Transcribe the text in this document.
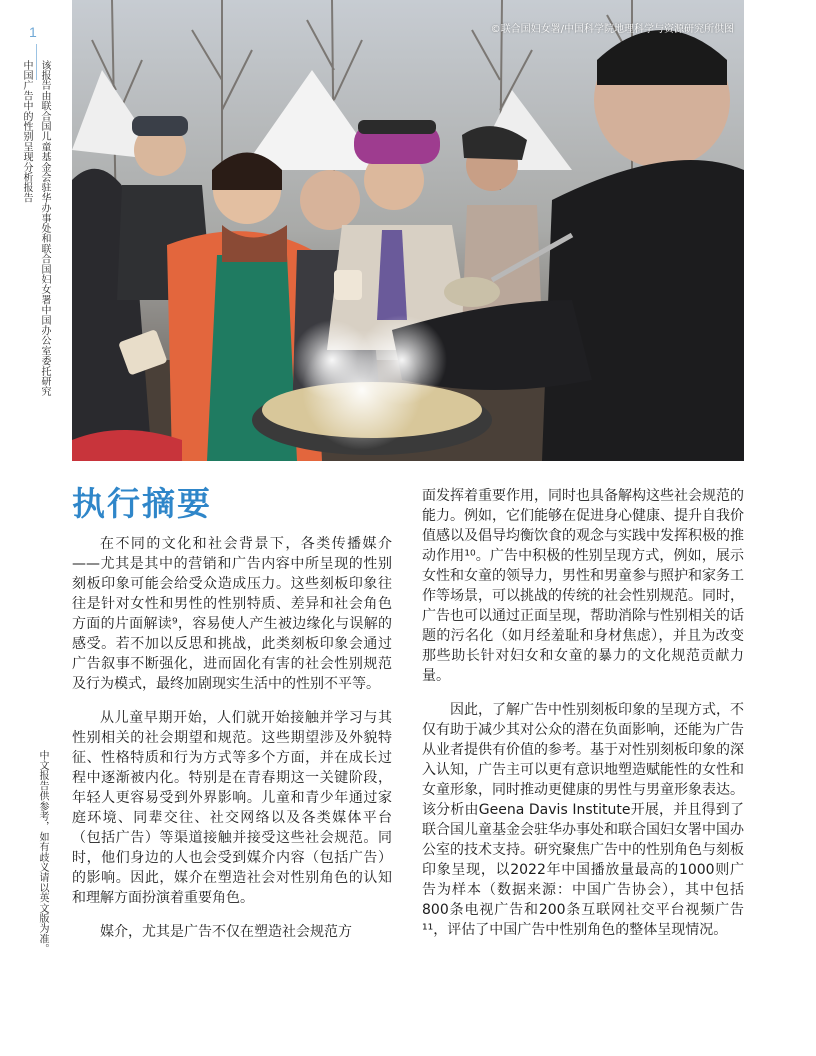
1
中国广告中的性别呈现分析报告 该报告由联合国儿童基金会驻华办事处和联合国妇女署中国办公室委托研究
中文报告供参考，如有歧义请以英文版为准。
©联合国妇女署/中国科学院地理科学与资源研究所供图
执行摘要

在不同的文化和社会背景下，各类传播媒介——尤其是其中的营销和广告内容中所呈现的性别刻板印象可能会给受众造成压力。这些刻板印象往往是针对女性和男性的性别特质、差异和社会角色方面的片面解读⁹，容易使人产生被边缘化与误解的感受。若不加以反思和挑战，此类刻板印象会通过广告叙事不断强化，进而固化有害的社会性别规范及行为模式，最终加剧现实生活中的性别不平等。

从儿童早期开始，人们就开始接触并学习与其性别相关的社会期望和规范。这些期望涉及外貌特征、性格特质和行为方式等多个方面，并在成长过程中逐渐被内化。特别是在青春期这一关键阶段，年轻人更容易受到外界影响。儿童和青少年通过家庭环境、同辈交往、社交网络以及各类媒体平台（包括广告）等渠道接触并接受这些社会规范。同时，他们身边的人也会受到媒介内容（包括广告）的影响。因此，媒介在塑造社会对性别角色的认知和理解方面扮演着重要角色。

媒介，尤其是广告不仅在塑造社会规范方

面发挥着重要作用，同时也具备解构这些社会规范的能力。例如，它们能够在促进身心健康、提升自我价值感以及倡导均衡饮食的观念与实践中发挥积极的推动作用¹⁰。广告中积极的性别呈现方式，例如，展示女性和女童的领导力，男性和男童参与照护和家务工作等场景，可以挑战的传统的社会性别规范。同时，广告也可以通过正面呈现，帮助消除与性别相关的话题的污名化（如月经羞耻和身材焦虑），并且为改变那些助长针对妇女和女童的暴力的文化规范贡献力量。

因此，了解广告中性别刻板印象的呈现方式，不仅有助于减少其对公众的潜在负面影响，还能为广告从业者提供有价值的参考。基于对性别刻板印象的深入认知，广告主可以更有意识地塑造赋能性的女性和女童形象，同时推动更健康的男性与男童形象表达。该分析由Geena Davis Institute开展，并且得到了联合国儿童基金会驻华办事处和联合国妇女署中国办公室的技术支持。研究聚焦广告中的性别角色与刻板印象呈现，以2022年中国播放量最高的1000则广告为样本（数据来源：中国广告协会），其中包括800条电视广告和200条互联网社交平台视频广告¹¹，评估了中国广告中性别角色的整体呈现情况。
